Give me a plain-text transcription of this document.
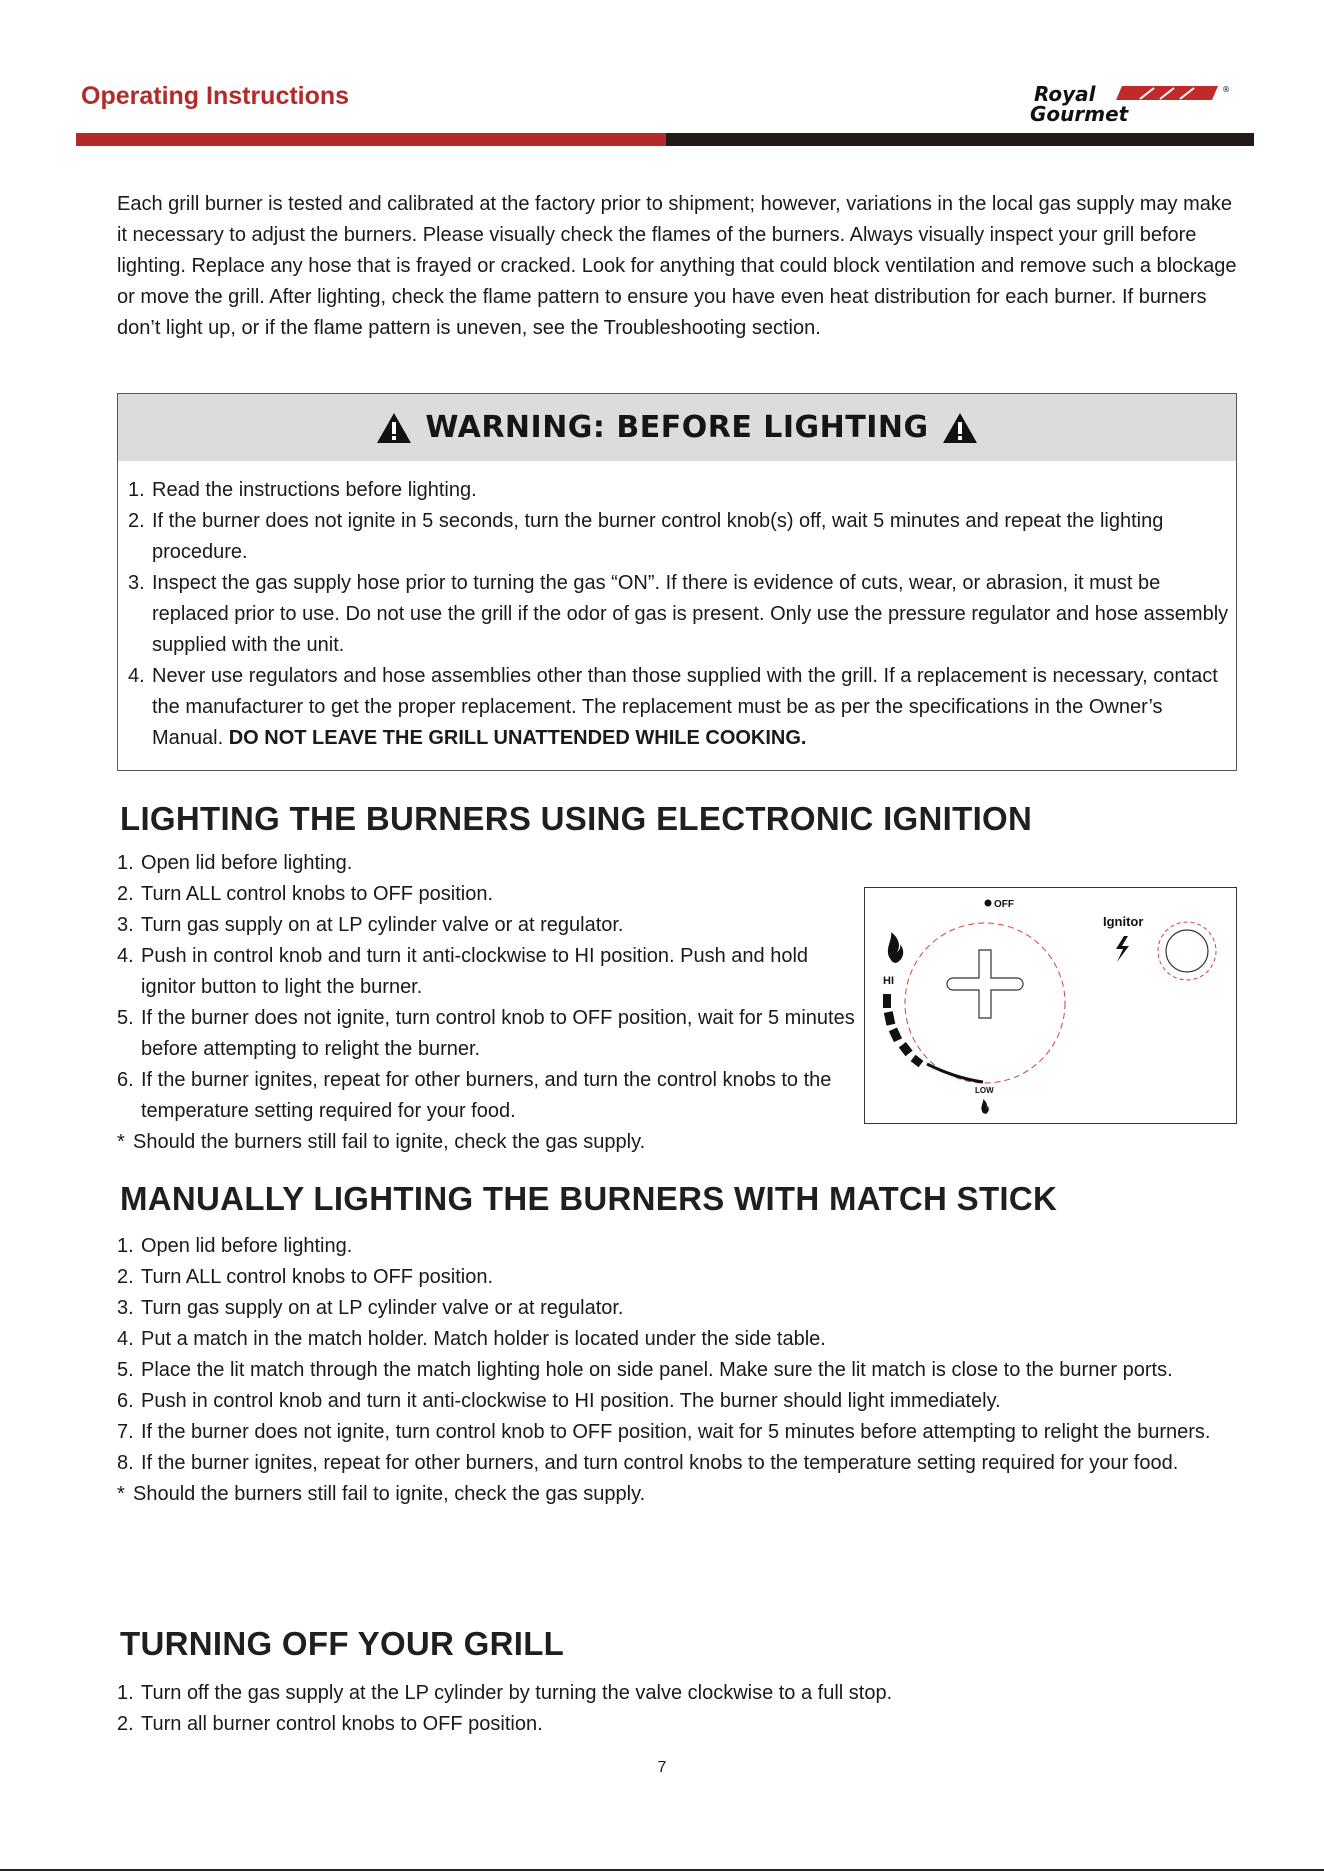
Operating Instructions	Royal
Gourmet
®
Each grill burner is tested and calibrated at the factory prior to shipment; however, variations in the local gas supply may make it necessary to adjust the burners. Please visually check the flames of the burners. Always visually inspect your grill before lighting. Replace any hose that is frayed or cracked. Look for anything that could block ventilation and remove such a blockage or move the grill. After lighting, check the flame pattern to ensure you have even heat distribution for each burner. If burners don’t light up, or if the flame pattern is uneven, see the Troubleshooting section.
WARNING: BEFORE LIGHTING
1. Read the instructions before lighting.
2. If the burner does not ignite in 5 seconds, turn the burner control knob(s) off, wait 5 minutes and repeat the lighting procedure.
3. Inspect the gas supply hose prior to turning the gas “ON”. If there is evidence of cuts, wear, or abrasion, it must be replaced prior to use. Do not use the grill if the odor of gas is present. Only use the pressure regulator and hose assembly supplied with the unit.
4. Never use regulators and hose assemblies other than those supplied with the grill. If a replacement is necessary, contact the manufacturer to get the proper replacement. The replacement must be as per the specifications in the Owner’s Manual. DO NOT LEAVE THE GRILL UNATTENDED WHILE COOKING.
LIGHTING THE BURNERS USING ELECTRONIC IGNITION
1. Open lid before lighting.
2. Turn ALL control knobs to OFF position.
3. Turn gas supply on at LP cylinder valve or at regulator.
4. Push in control knob and turn it anti-clockwise to HI position. Push and hold ignitor button to light the burner.
5. If the burner does not ignite, turn control knob to OFF position, wait for 5 minutes before attempting to relight the burner.
6. If the burner ignites, repeat for other burners, and turn the control knobs to the temperature setting required for your food.
* Should the burners still fail to ignite, check the gas supply.
OFF
HI
LOW
Ignitor
MANUALLY LIGHTING THE BURNERS WITH MATCH STICK
1. Open lid before lighting.
2. Turn ALL control knobs to OFF position.
3. Turn gas supply on at LP cylinder valve or at regulator.
4. Put a match in the match holder. Match holder is located under the side table.
5. Place the lit match through the match lighting hole on side panel. Make sure the lit match is close to the burner ports.
6. Push in control knob and turn it anti-clockwise to HI position. The burner should light immediately.
7. If the burner does not ignite, turn control knob to OFF position, wait for 5 minutes before attempting to relight the burners.
8. If the burner ignites, repeat for other burners, and turn control knobs to the temperature setting required for your food.
* Should the burners still fail to ignite, check the gas supply.
TURNING OFF YOUR GRILL
1. Turn off the gas supply at the LP cylinder by turning the valve clockwise to a full stop.
2. Turn all burner control knobs to OFF position.
7
